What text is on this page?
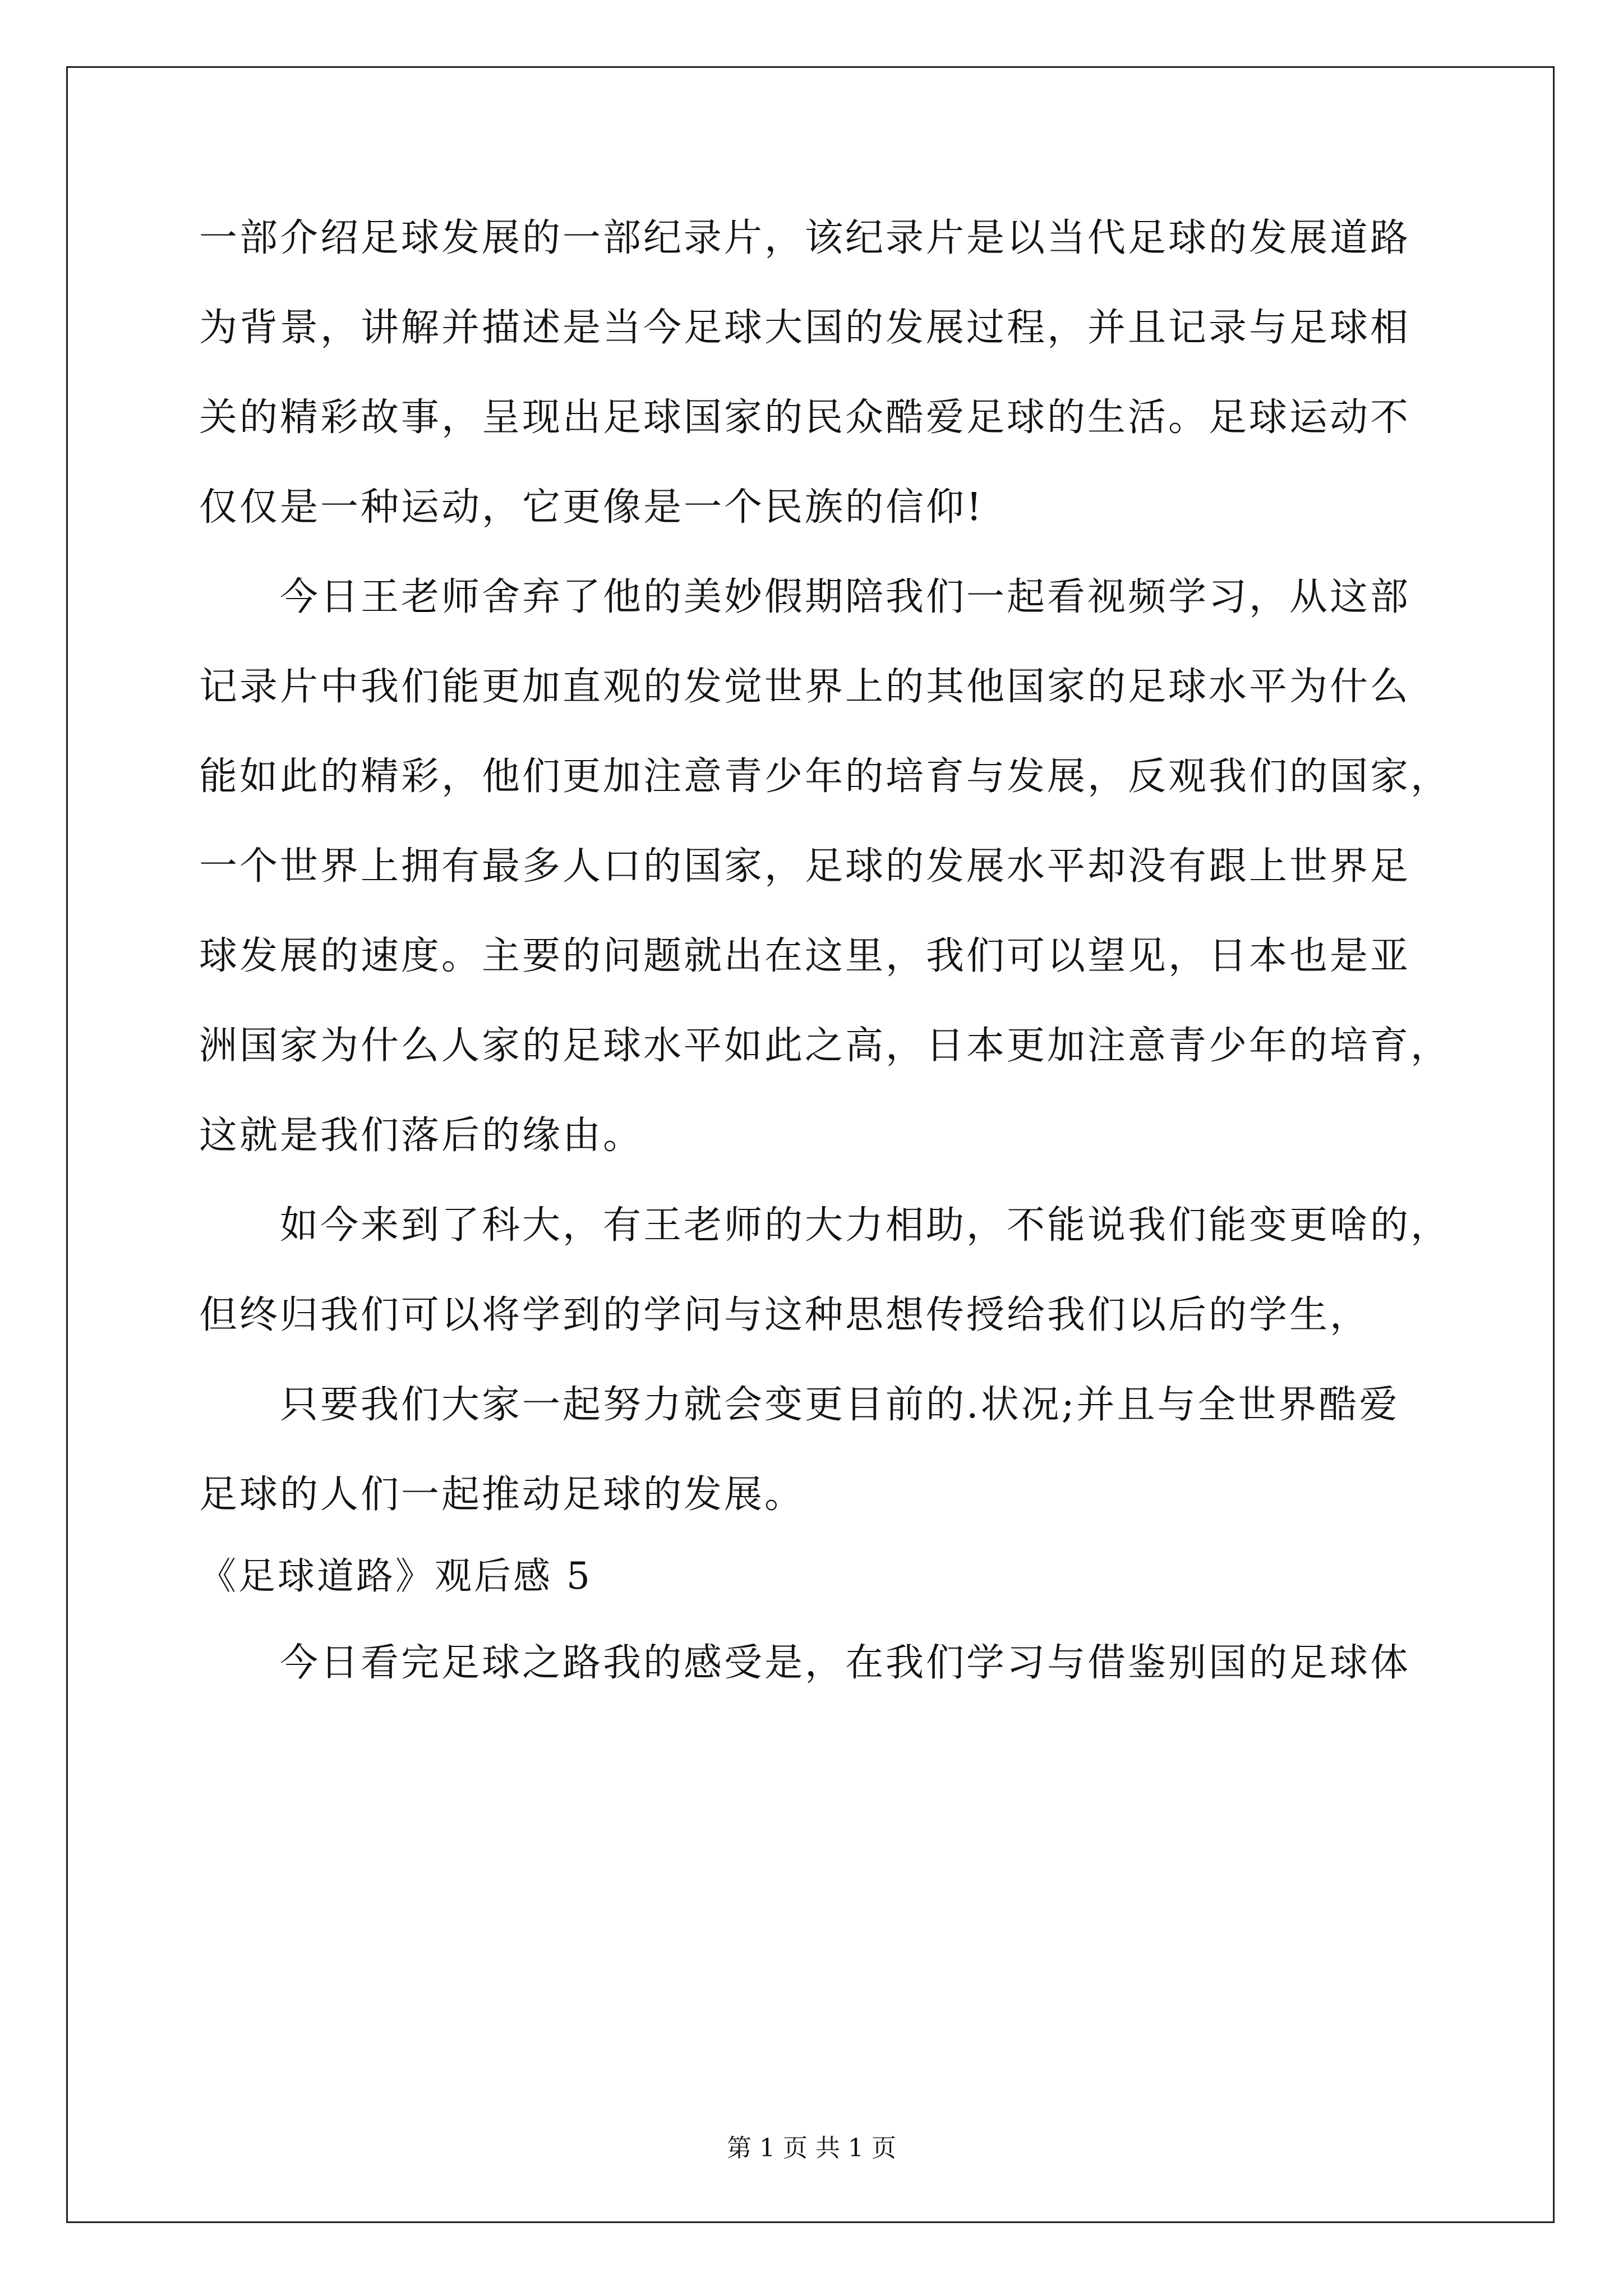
一部介绍足球发展的一部纪录片，该纪录片是以当代足球的发展道路
为背景，讲解并描述是当今足球大国的发展过程，并且记录与足球相
关的精彩故事，呈现出足球国家的民众酷爱足球的生活。足球运动不
仅仅是一种运动，它更像是一个民族的信仰!
今日王老师舍弃了他的美妙假期陪我们一起看视频学习，从这部
记录片中我们能更加直观的发觉世界上的其他国家的足球水平为什么
能如此的精彩，他们更加注意青少年的培育与发展，反观我们的国家，
一个世界上拥有最多人口的国家，足球的发展水平却没有跟上世界足
球发展的速度。主要的问题就出在这里，我们可以望见，日本也是亚
洲国家为什么人家的足球水平如此之高，日本更加注意青少年的培育，
这就是我们落后的缘由。
如今来到了科大，有王老师的大力相助，不能说我们能变更啥的，
但终归我们可以将学到的学问与这种思想传授给我们以后的学生，
只要我们大家一起努力就会变更目前的.状况;并且与全世界酷爱
足球的人们一起推动足球的发展。
《足球道路》观后感 5
今日看完足球之路我的感受是，在我们学习与借鉴别国的足球体
第 1 页 共 1 页
